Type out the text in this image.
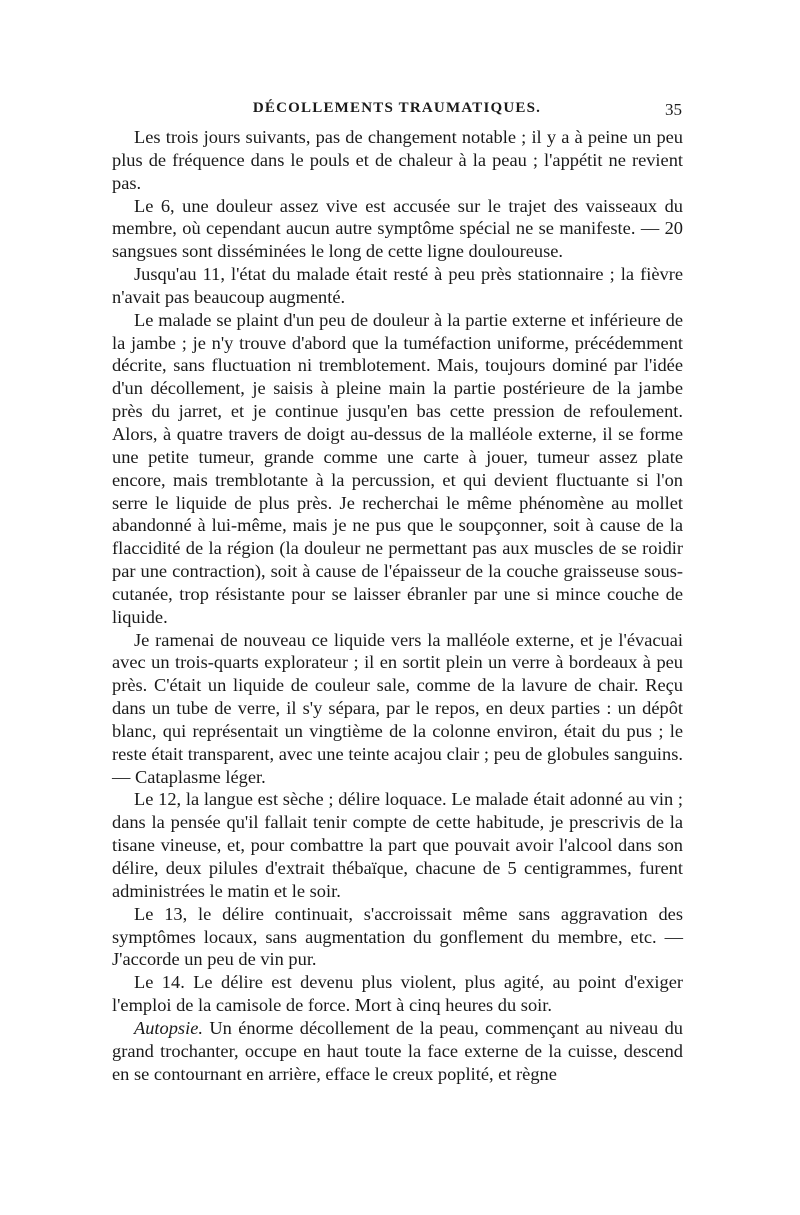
DÉCOLLEMENTS TRAUMATIQUES.	35

Les trois jours suivants, pas de changement notable ; il y a à peine un peu plus de fréquence dans le pouls et de chaleur à la peau ; l'appétit ne revient pas.

Le 6, une douleur assez vive est accusée sur le trajet des vaisseaux du membre, où cependant aucun autre symptôme spécial ne se manifeste. — 20 sangsues sont disséminées le long de cette ligne douloureuse.

Jusqu'au 11, l'état du malade était resté à peu près stationnaire ; la fièvre n'avait pas beaucoup augmenté.

Le malade se plaint d'un peu de douleur à la partie externe et inférieure de la jambe ; je n'y trouve d'abord que la tuméfaction uniforme, précédemment décrite, sans fluctuation ni tremblotement. Mais, toujours dominé par l'idée d'un décollement, je saisis à pleine main la partie postérieure de la jambe près du jarret, et je continue jusqu'en bas cette pression de refoulement. Alors, à quatre travers de doigt au-dessus de la malléole externe, il se forme une petite tumeur, grande comme une carte à jouer, tumeur assez plate encore, mais tremblotante à la percussion, et qui devient fluctuante si l'on serre le liquide de plus près. Je recherchai le même phénomène au mollet abandonné à lui-même, mais je ne pus que le soupçonner, soit à cause de la flaccidité de la région (la douleur ne permettant pas aux muscles de se roidir par une contraction), soit à cause de l'épaisseur de la couche graisseuse sous-cutanée, trop résistante pour se laisser ébranler par une si mince couche de liquide.

Je ramenai de nouveau ce liquide vers la malléole externe, et je l'évacuai avec un trois-quarts explorateur ; il en sortit plein un verre à bordeaux à peu près. C'était un liquide de couleur sale, comme de la lavure de chair. Reçu dans un tube de verre, il s'y sépara, par le repos, en deux parties : un dépôt blanc, qui représentait un vingtième de la colonne environ, était du pus ; le reste était transparent, avec une teinte acajou clair ; peu de globules sanguins. — Cataplasme léger.

Le 12, la langue est sèche ; délire loquace. Le malade était adonné au vin ; dans la pensée qu'il fallait tenir compte de cette habitude, je prescrivis de la tisane vineuse, et, pour combattre la part que pouvait avoir l'alcool dans son délire, deux pilules d'extrait thébaïque, chacune de 5 centigrammes, furent administrées le matin et le soir.

Le 13, le délire continuait, s'accroissait même sans aggravation des symptômes locaux, sans augmentation du gonflement du membre, etc. — J'accorde un peu de vin pur.

Le 14. Le délire est devenu plus violent, plus agité, au point d'exiger l'emploi de la camisole de force. Mort à cinq heures du soir.

Autopsie. Un énorme décollement de la peau, commençant au niveau du grand trochanter, occupe en haut toute la face externe de la cuisse, descend en se contournant en arrière, efface le creux poplité, et règne
